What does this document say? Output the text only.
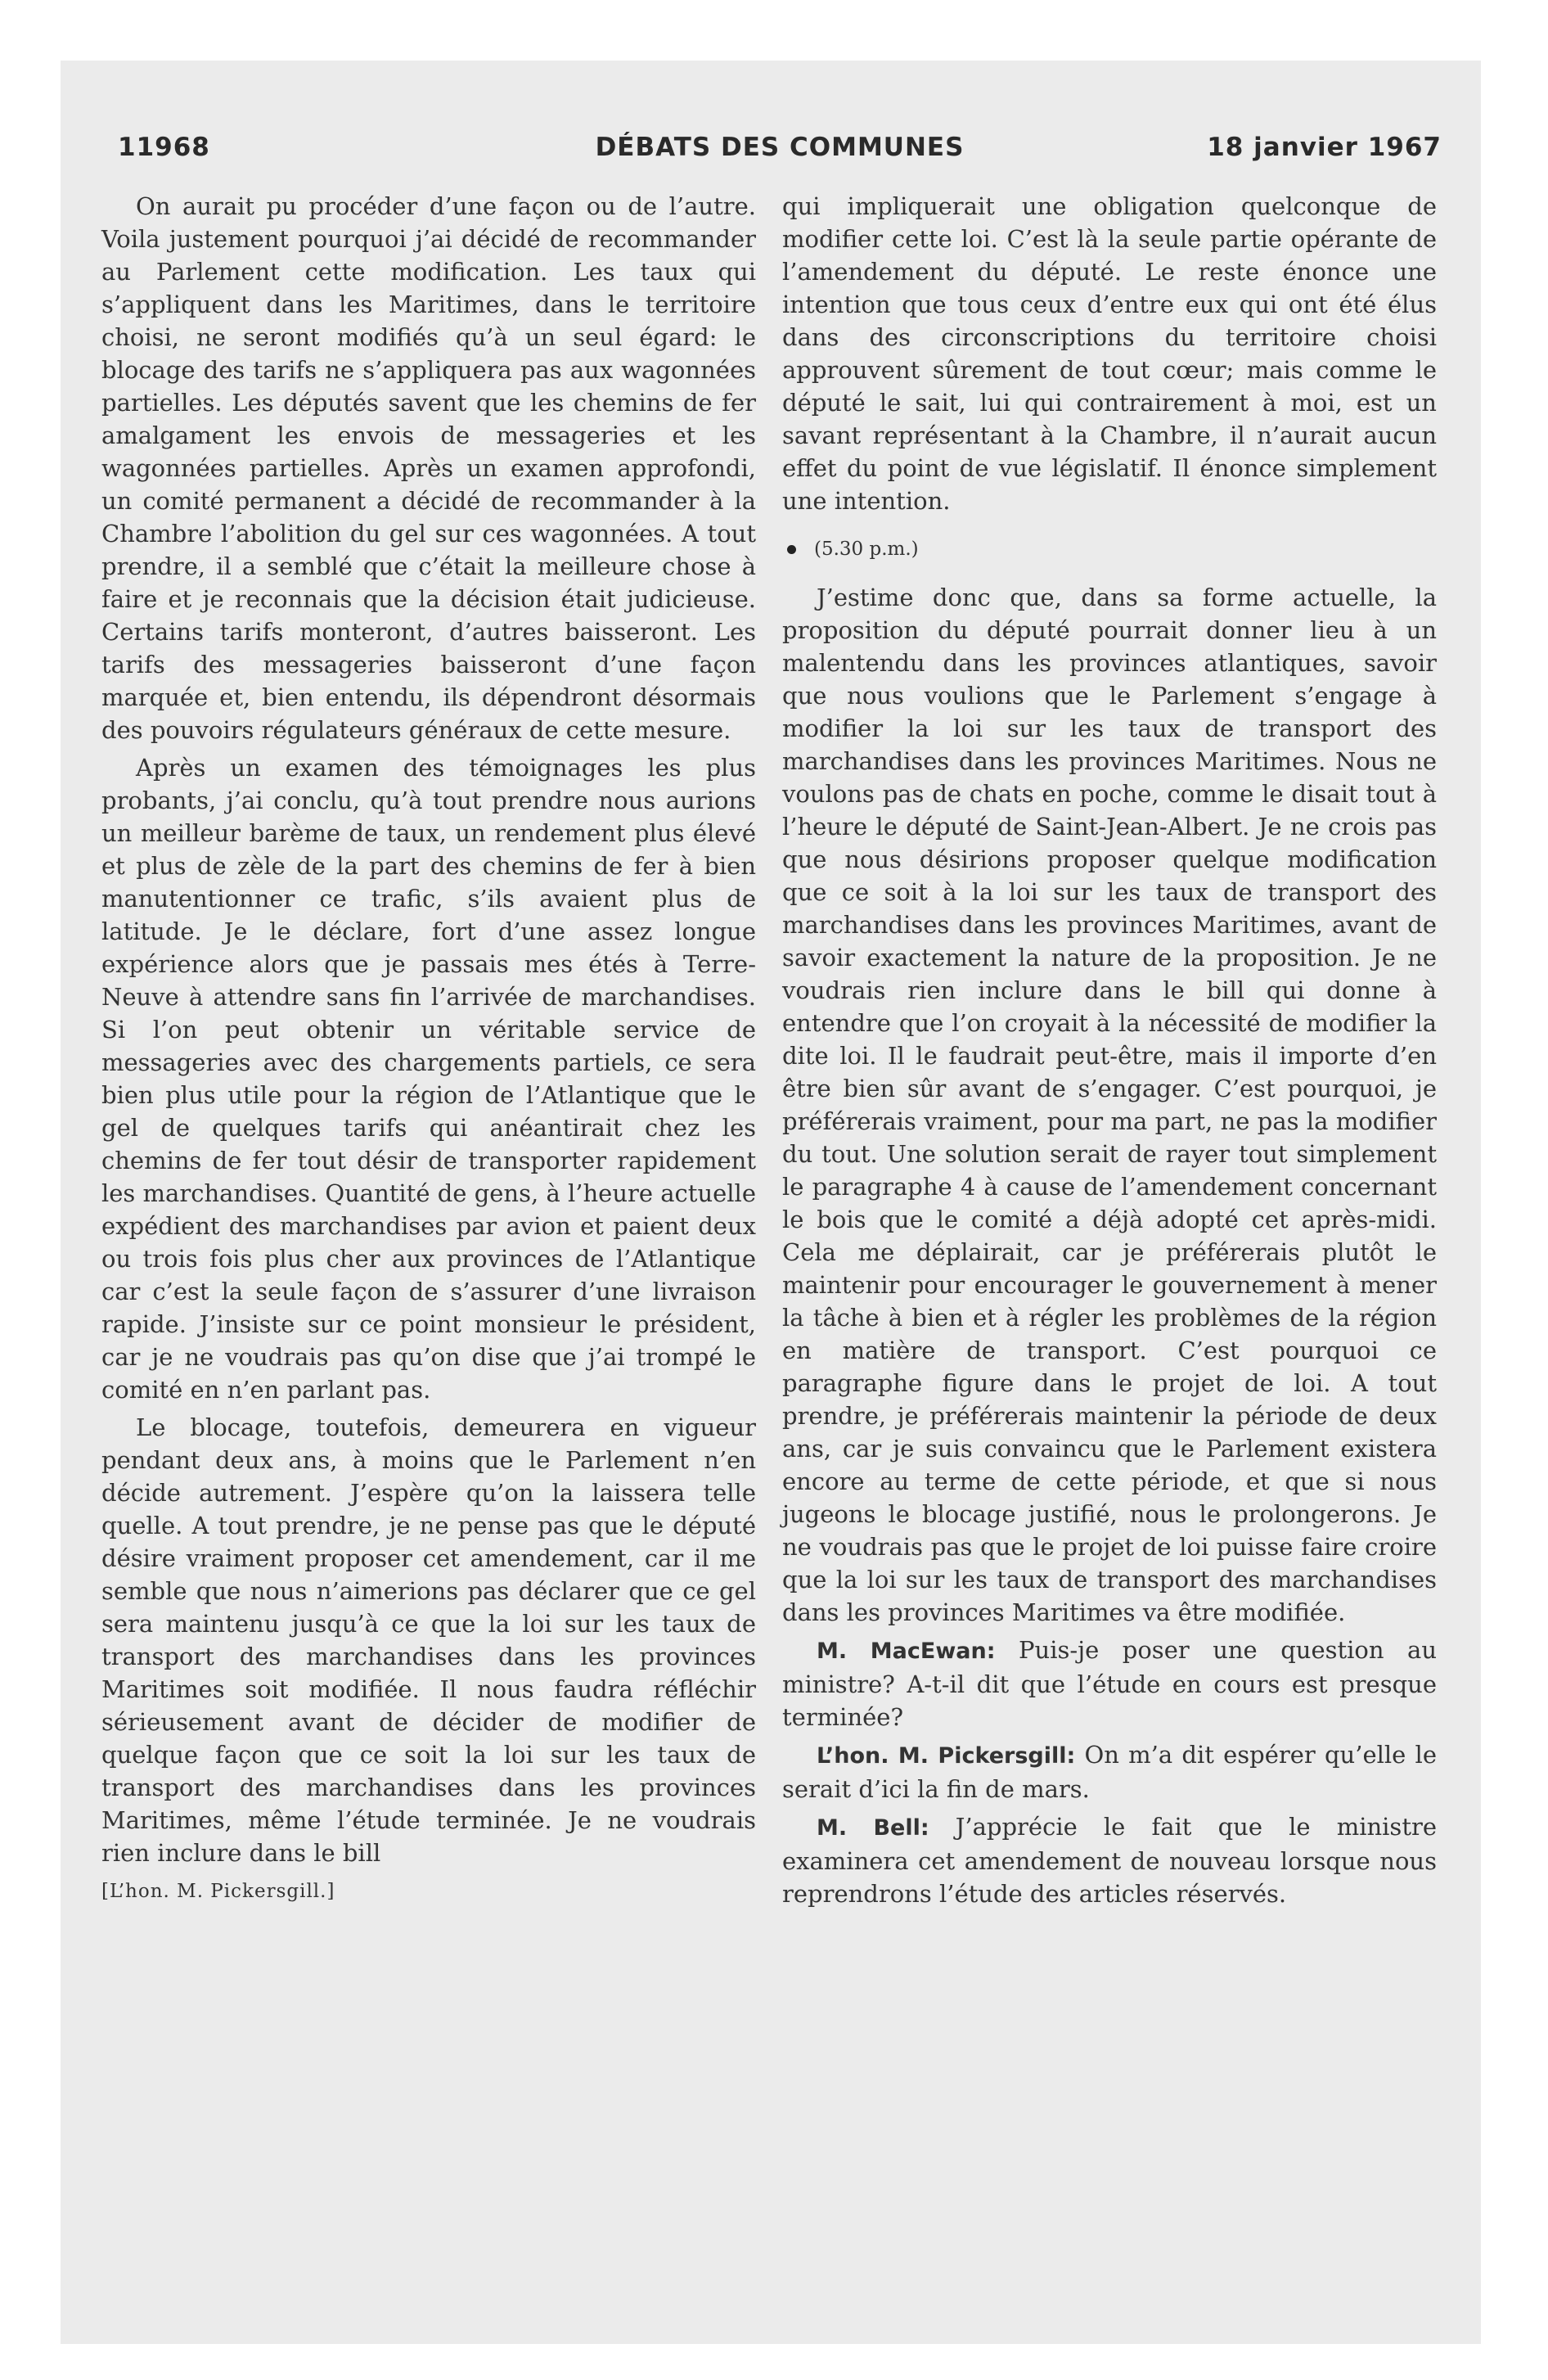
11968	DÉBATS DES COMMUNES	18 janvier 1967

On aurait pu procéder d’une façon ou de l’autre. Voila justement pourquoi j’ai décidé de recommander au Parlement cette modification. Les taux qui s’appliquent dans les Maritimes, dans le territoire choisi, ne seront modifiés qu’à un seul égard: le blocage des tarifs ne s’appliquera pas aux wagonnées partielles. Les députés savent que les chemins de fer amalgament les envois de messageries et les wagonnées partielles. Après un examen approfondi, un comité permanent a décidé de recommander à la Chambre l’abolition du gel sur ces wagonnées. A tout prendre, il a semblé que c’était la meilleure chose à faire et je reconnais que la décision était judicieuse. Certains tarifs monteront, d’autres baisseront. Les tarifs des messageries baisseront d’une façon marquée et, bien entendu, ils dépendront désormais des pouvoirs régulateurs généraux de cette mesure.

Après un examen des témoignages les plus probants, j’ai conclu, qu’à tout prendre nous aurions un meilleur barème de taux, un rendement plus élevé et plus de zèle de la part des chemins de fer à bien manutentionner ce trafic, s’ils avaient plus de latitude. Je le déclare, fort d’une assez longue expérience alors que je passais mes étés à Terre-Neuve à attendre sans fin l’arrivée de marchandises. Si l’on peut obtenir un véritable service de messageries avec des chargements partiels, ce sera bien plus utile pour la région de l’Atlantique que le gel de quelques tarifs qui anéantirait chez les chemins de fer tout désir de transporter rapidement les marchandises. Quantité de gens, à l’heure actuelle expédient des marchandises par avion et paient deux ou trois fois plus cher aux provinces de l’Atlantique car c’est la seule façon de s’assurer d’une livraison rapide. J’insiste sur ce point monsieur le président, car je ne voudrais pas qu’on dise que j’ai trompé le comité en n’en parlant pas.

Le blocage, toutefois, demeurera en vigueur pendant deux ans, à moins que le Parlement n’en décide autrement. J’espère qu’on la laissera telle quelle. A tout prendre, je ne pense pas que le député désire vraiment proposer cet amendement, car il me semble que nous n’aimerions pas déclarer que ce gel sera maintenu jusqu’à ce que la loi sur les taux de transport des marchandises dans les provinces Maritimes soit modifiée. Il nous faudra réfléchir sérieusement avant de décider de modifier de quelque façon que ce soit la loi sur les taux de transport des marchandises dans les provinces Maritimes, même l’étude terminée. Je ne voudrais rien inclure dans le bill

[L’hon. M. Pickersgill.]

qui impliquerait une obligation quelconque de modifier cette loi. C’est là la seule partie opérante de l’amendement du député. Le reste énonce une intention que tous ceux d’entre eux qui ont été élus dans des circonscriptions du territoire choisi approuvent sûrement de tout cœur; mais comme le député le sait, lui qui contrairement à moi, est un savant représentant à la Chambre, il n’aurait aucun effet du point de vue législatif. Il énonce simplement une intention.

(5.30 p.m.)

J’estime donc que, dans sa forme actuelle, la proposition du député pourrait donner lieu à un malentendu dans les provinces atlantiques, savoir que nous voulions que le Parlement s’engage à modifier la loi sur les taux de transport des marchandises dans les provinces Maritimes. Nous ne voulons pas de chats en poche, comme le disait tout à l’heure le député de Saint-Jean-Albert. Je ne crois pas que nous désirions proposer quelque modification que ce soit à la loi sur les taux de transport des marchandises dans les provinces Maritimes, avant de savoir exactement la nature de la proposition. Je ne voudrais rien inclure dans le bill qui donne à entendre que l’on croyait à la nécessité de modifier la dite loi. Il le faudrait peut-être, mais il importe d’en être bien sûr avant de s’engager. C’est pourquoi, je préférerais vraiment, pour ma part, ne pas la modifier du tout. Une solution serait de rayer tout simplement le paragraphe 4 à cause de l’amendement concernant le bois que le comité a déjà adopté cet après-midi. Cela me déplairait, car je préférerais plutôt le maintenir pour encourager le gouvernement à mener la tâche à bien et à régler les problèmes de la région en matière de transport. C’est pourquoi ce paragraphe figure dans le projet de loi. A tout prendre, je préférerais maintenir la période de deux ans, car je suis convaincu que le Parlement existera encore au terme de cette période, et que si nous jugeons le blocage justifié, nous le prolongerons. Je ne voudrais pas que le projet de loi puisse faire croire que la loi sur les taux de transport des marchandises dans les provinces Maritimes va être modifiée.

M. MacEwan: Puis-je poser une question au ministre? A-t-il dit que l’étude en cours est presque terminée?

L’hon. M. Pickersgill: On m’a dit espérer qu’elle le serait d’ici la fin de mars.

M. Bell: J’apprécie le fait que le ministre examinera cet amendement de nouveau lorsque nous reprendrons l’étude des articles réservés.
